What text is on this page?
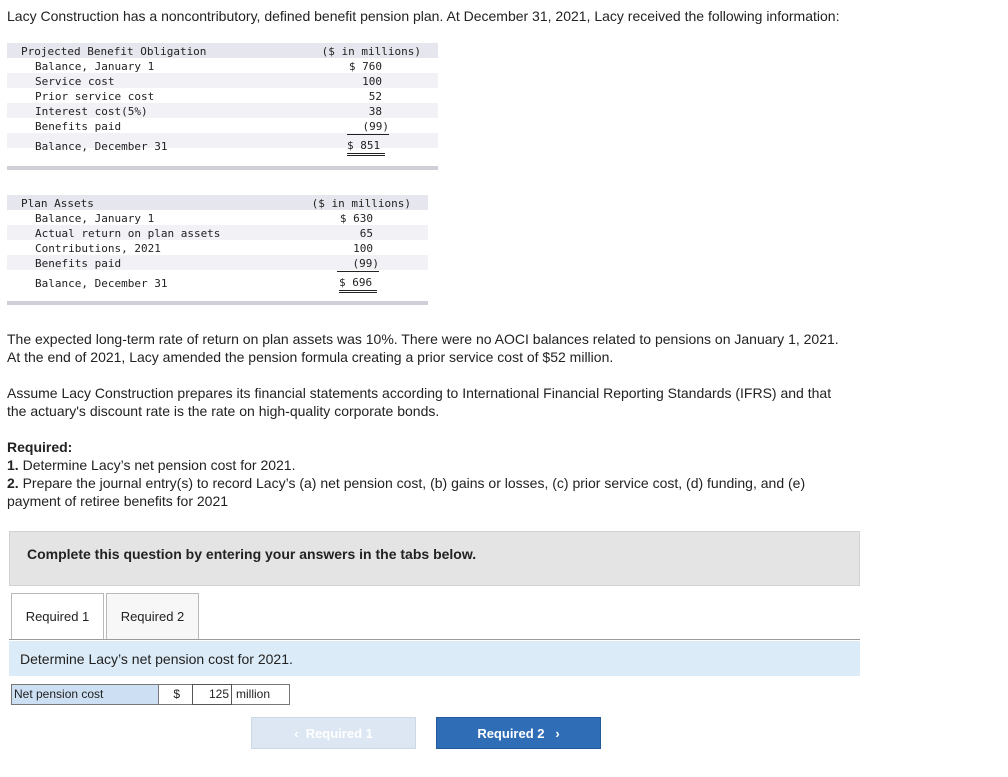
Lacy Construction has a noncontributory, defined benefit pension plan. At December 31, 2021, Lacy received the following information:

Projected Benefit Obligation	($ in millions)
Balance, January 1	$ 760
Service cost	100
Prior service cost	52
Interest cost(5%)	38
Benefits paid	(99)
Balance, December 31	$ 851
Plan Assets	($ in millions)
Balance, January 1	$ 630
Actual return on plan assets	65
Contributions, 2021	100
Benefits paid	(99)
Balance, December 31	$ 696

The expected long-term rate of return on plan assets was 10%. There were no AOCI balances related to pensions on January 1, 2021.

At the end of 2021, Lacy amended the pension formula creating a prior service cost of $52 million.

Assume Lacy Construction prepares its financial statements according to International Financial Reporting Standards (IFRS) and that

the actuary's discount rate is the rate on high-quality corporate bonds.

Required:

1. Determine Lacy’s net pension cost for 2021.

2. Prepare the journal entry(s) to record Lacy’s (a) net pension cost, (b) gains or losses, (c) prior service cost, (d) funding, and (e)

payment of retiree benefits for 2021

Complete this question by entering your answers in the tabs below.
Required 1	Required 2
Determine Lacy’s net pension cost for 2021.
Net pension cost	$	125 million
‹ Required 1	Required 2 ›
